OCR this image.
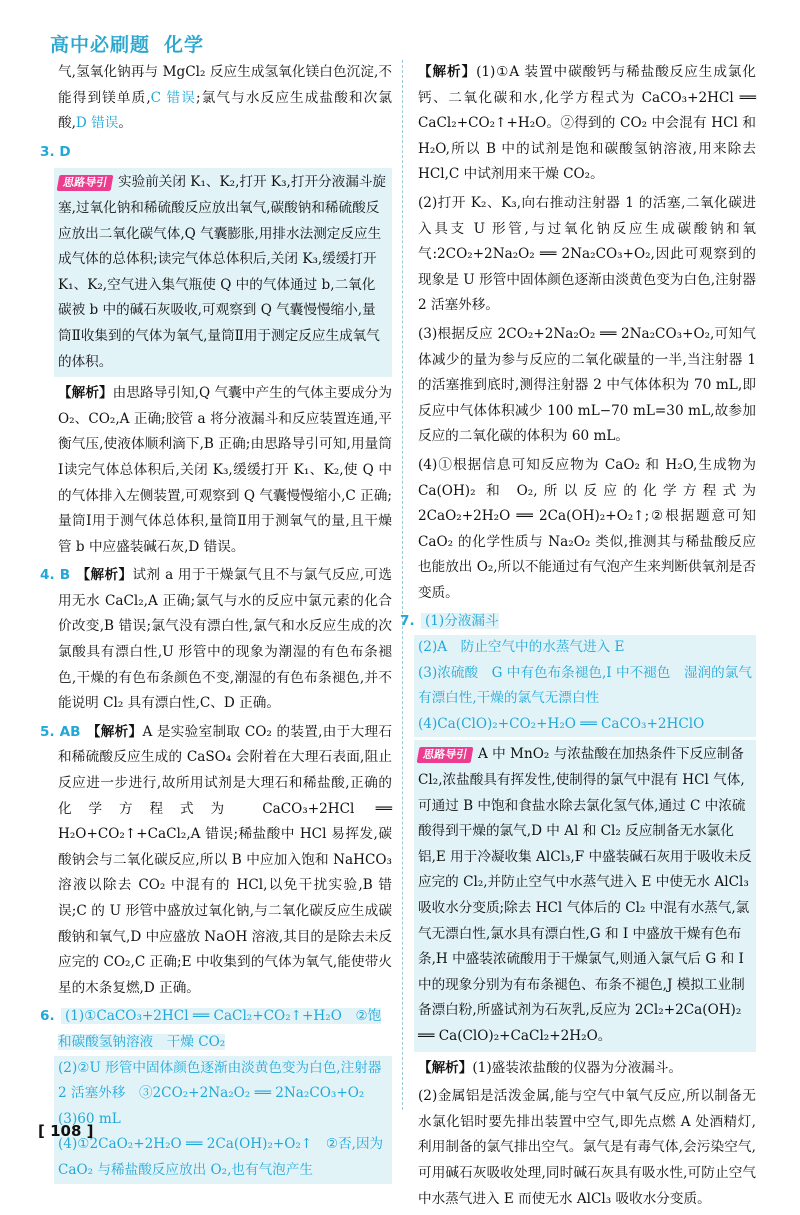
高中必刷题 化学

气,氢氧化钠再与 MgCl₂ 反应生成氢氧化镁白色沉淀,不能得到镁单质,C 错误;氯气与水反应生成盐酸和次氯酸,D 错误。

3. D

思路导引 实验前关闭 K₁、K₂,打开 K₃,打开分液漏斗旋塞,过氧化钠和稀硫酸反应放出氧气,碳酸钠和稀硫酸反应放出二氧化碳气体,Q 气囊膨胀,用排水法测定反应生成气体的总体积;读完气体总体积后,关闭 K₃,缓缓打开 K₁、K₂,空气进入集气瓶使 Q 中的气体通过 b,二氧化碳被 b 中的碱石灰吸收,可观察到 Q 气囊慢慢缩小,量筒Ⅱ收集到的气体为氧气,量筒Ⅱ用于测定反应生成氧气的体积。

【解析】由思路导引知,Q 气囊中产生的气体主要成分为 O₂、CO₂,A 正确;胶管 a 将分液漏斗和反应装置连通,平衡气压,使液体顺利滴下,B 正确;由思路导引可知,用量筒Ⅰ读完气体总体积后,关闭 K₃,缓缓打开 K₁、K₂,使 Q 中的气体排入左侧装置,可观察到 Q 气囊慢慢缩小,C 正确;量筒Ⅰ用于测气体总体积,量筒Ⅱ用于测氧气的量,且干燥管 b 中应盛装碱石灰,D 错误。

4. B 【解析】试剂 a 用于干燥氯气且不与氯气反应,可选用无水 CaCl₂,A 正确;氯气与水的反应中氯元素的化合价改变,B 错误;氯气没有漂白性,氯气和水反应生成的次氯酸具有漂白性,U 形管中的现象为潮湿的有色布条褪色,干燥的有色布条颜色不变,潮湿的有色布条褪色,并不能说明 Cl₂ 具有漂白性,C、D 正确。

5. AB 【解析】A 是实验室制取 CO₂ 的装置,由于大理石和稀硫酸反应生成的 CaSO₄ 会附着在大理石表面,阻止反应进一步进行,故所用试剂是大理石和稀盐酸,正确的化学方程式为 CaCO₃+2HCl ══ H₂O+CO₂↑+CaCl₂,A 错误;稀盐酸中 HCl 易挥发,碳酸钠会与二氧化碳反应,所以 B 中应加入饱和 NaHCO₃ 溶液以除去 CO₂ 中混有的 HCl,以免干扰实验,B 错误;C 的 U 形管中盛放过氧化钠,与二氧化碳反应生成碳酸钠和氧气,D 中应盛放 NaOH 溶液,其目的是除去未反应完的 CO₂,C 正确;E 中收集到的气体为氧气,能使带火星的木条复燃,D 正确。

6. (1)①CaCO₃+2HCl ══ CaCl₂+CO₂↑+H₂O　②饱和碳酸氢钠溶液　干燥 CO₂
(2)②U 形管中固体颜色逐渐由淡黄色变为白色,注射器 2 活塞外移　③2CO₂+2Na₂O₂ ══ 2Na₂CO₃+O₂
(3)60 mL
(4)①2CaO₂+2H₂O ══ 2Ca(OH)₂+O₂↑　②否,因为 CaO₂ 与稀盐酸反应放出 O₂,也有气泡产生

【解析】(1)①A 装置中碳酸钙与稀盐酸反应生成氯化钙、二氧化碳和水,化学方程式为 CaCO₃+2HCl ══ CaCl₂+CO₂↑+H₂O。②得到的 CO₂ 中会混有 HCl 和 H₂O,所以 B 中的试剂是饱和碳酸氢钠溶液,用来除去 HCl,C 中试剂用来干燥 CO₂。

(2)打开 K₂、K₃,向右推动注射器 1 的活塞,二氧化碳进入具支 U 形管,与过氧化钠反应生成碳酸钠和氧气:2CO₂+2Na₂O₂ ══ 2Na₂CO₃+O₂,因此可观察到的现象是 U 形管中固体颜色逐渐由淡黄色变为白色,注射器 2 活塞外移。

(3)根据反应 2CO₂+2Na₂O₂ ══ 2Na₂CO₃+O₂,可知气体减少的量为参与反应的二氧化碳量的一半,当注射器 1 的活塞推到底时,测得注射器 2 中气体体积为 70 mL,即反应中气体体积减少 100 mL−70 mL=30 mL,故参加反应的二氧化碳的体积为 60 mL。

(4)①根据信息可知反应物为 CaO₂ 和 H₂O,生成物为 Ca(OH)₂ 和 O₂,所以反应的化学方程式为 2CaO₂+2H₂O ══ 2Ca(OH)₂+O₂↑;②根据题意可知 CaO₂ 的化学性质与 Na₂O₂ 类似,推测其与稀盐酸反应也能放出 O₂,所以不能通过有气泡产生来判断供氧剂是否变质。

7. (1)分液漏斗
(2)A　防止空气中的水蒸气进入 E
(3)浓硫酸　G 中有色布条褪色,I 中不褪色　湿润的氯气有漂白性,干燥的氯气无漂白性
(4)Ca(ClO)₂+CO₂+H₂O ══ CaCO₃+2HClO
思路导引 A 中 MnO₂ 与浓盐酸在加热条件下反应制备 Cl₂,浓盐酸具有挥发性,使制得的氯气中混有 HCl 气体,可通过 B 中饱和食盐水除去氯化氢气体,通过 C 中浓硫酸得到干燥的氯气,D 中 Al 和 Cl₂ 反应制备无水氯化铝,E 用于冷凝收集 AlCl₃,F 中盛装碱石灰用于吸收未反应完的 Cl₂,并防止空气中水蒸气进入 E 中使无水 AlCl₃ 吸收水分变质;除去 HCl 气体后的 Cl₂ 中混有水蒸气,氯气无漂白性,氯水具有漂白性,G 和 I 中盛放干燥有色布条,H 中盛装浓硫酸用于干燥氯气,则通入氯气后 G 和 I 中的现象分别为有布条褪色、布条不褪色,J 模拟工业制备漂白粉,所盛试剂为石灰乳,反应为 2Cl₂+2Ca(OH)₂ ══ Ca(ClO)₂+CaCl₂+2H₂O。

【解析】(1)盛装浓盐酸的仪器为分液漏斗。

(2)金属铝是活泼金属,能与空气中氧气反应,所以制备无水氯化铝时要先排出装置中空气,即先点燃 A 处酒精灯,利用制备的氯气排出空气。氯气是有毒气体,会污染空气,可用碱石灰吸收处理,同时碱石灰具有吸水性,可防止空气中水蒸气进入 E 而使无水 AlCl₃ 吸收水分变质。

[ 108 ]
